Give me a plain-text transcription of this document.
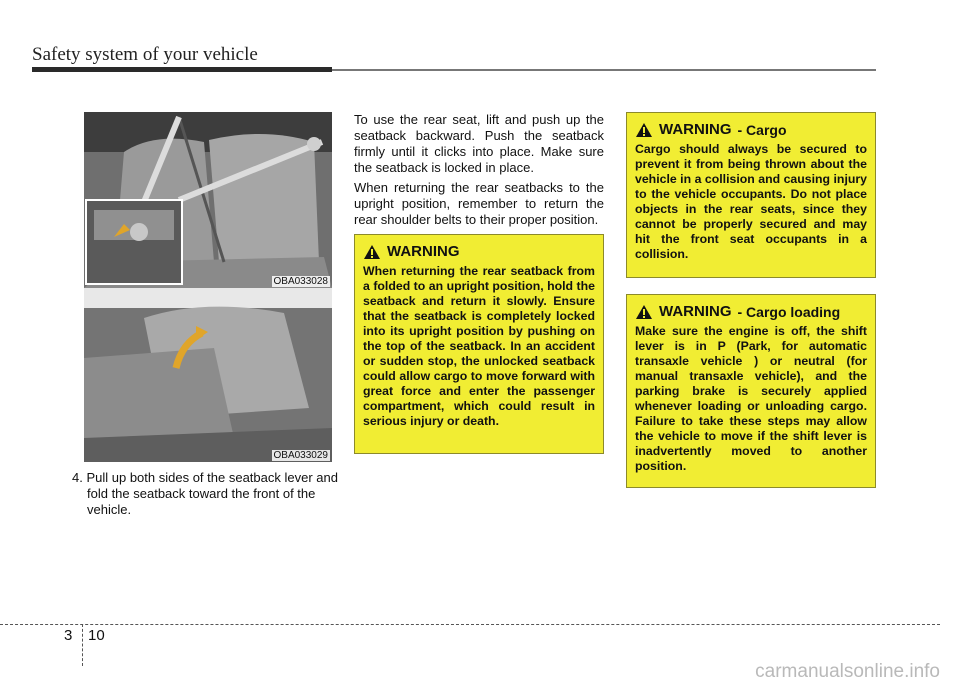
Safety system of your vehicle
OBA033028
OBA033029

4. Pull up both sides of the seatback lever and fold the seatback toward the front of the vehicle.

To use the rear seat, lift and push up the seatback backward. Push the seatback firmly until it clicks into place. Make sure the seatback is locked in place.

When returning the rear seatbacks to the upright position, remember to return the rear shoulder belts to their proper position.

WARNING

When returning the rear seatback from a folded to an upright position, hold the seatback and return it slowly. Ensure that the seatback is completely locked into its upright position by pushing on the top of the seatback. In an accident or sudden stop, the unlocked seatback could allow cargo to move forward with great force and enter the passenger compartment, which could result in serious injury or death.

WARNING - Cargo

Cargo should always be secured to prevent it from being thrown about the vehicle in a collision and causing injury to the vehicle occupants. Do not place objects in the rear seats, since they cannot be properly secured and may hit the front seat occupants in a collision.

WARNING - Cargo loading

Make sure the engine is off, the shift lever is in P (Park, for automatic transaxle vehicle ) or neutral (for manual transaxle vehicle), and the parking brake is securely applied whenever loading or unloading cargo. Failure to take these steps may allow the vehicle to move if the shift lever is inadvertently moved to another position.

3 10
carmanualsonline.info
